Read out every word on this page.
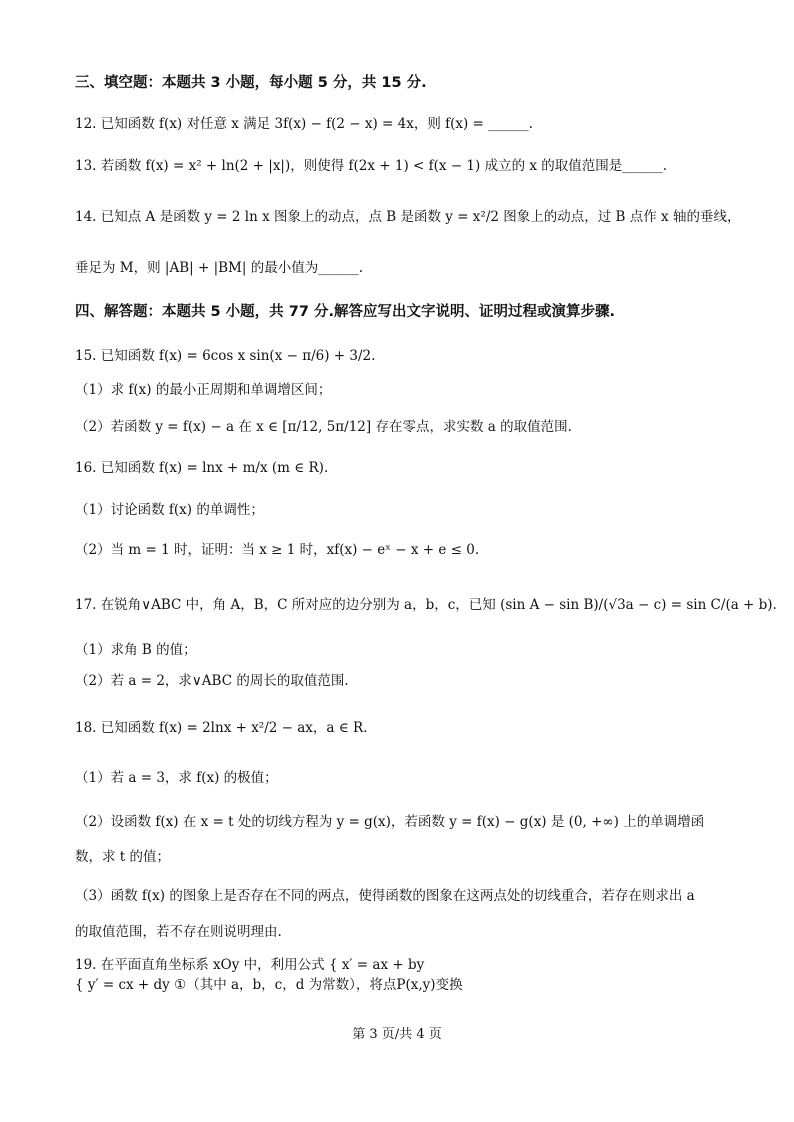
三、填空题：本题共 3 小题，每小题 5 分，共 15 分.
12. 已知函数 f(x) 对任意 x 满足 3f(x) − f(2 − x) = 4x，则 f(x) = ______.
13. 若函数 f(x) = x² + ln(2 + |x|)，则使得 f(2x + 1) < f(x − 1) 成立的 x 的取值范围是______.
14. 已知点 A 是函数 y = 2 ln x 图象上的动点，点 B 是函数 y = x²/2 图象上的动点，过 B 点作 x 轴的垂线，
垂足为 M，则 |AB| + |BM| 的最小值为______.
四、解答题：本题共 5 小题，共 77 分.解答应写出文字说明、证明过程或演算步骤.
15. 已知函数 f(x) = 6cos x sin(x − π/6) + 3/2.
（1）求 f(x) 的最小正周期和单调增区间；
（2）若函数 y = f(x) − a 在 x ∈ [π/12, 5π/12] 存在零点，求实数 a 的取值范围.
16. 已知函数 f(x) = lnx + m/x (m ∈ R).
（1）讨论函数 f(x) 的单调性；
（2）当 m = 1 时，证明：当 x ≥ 1 时，xf(x) − eˣ − x + e ≤ 0.
17. 在锐角∨ABC 中，角 A，B，C 所对应的边分别为 a，b，c，已知 (sin A − sin B)/(√3a − c) = sin C/(a + b).
（1）求角 B 的值；
（2）若 a = 2，求∨ABC 的周长的取值范围.
18. 已知函数 f(x) = 2lnx + x²/2 − ax，a ∈ R.
（1）若 a = 3，求 f(x) 的极值；
（2）设函数 f(x) 在 x = t 处的切线方程为 y = g(x)，若函数 y = f(x) − g(x) 是 (0, +∞) 上的单调增函
数，求 t 的值；
（3）函数 f(x) 的图象上是否存在不同的两点，使得函数的图象在这两点处的切线重合，若存在则求出 a
的取值范围，若不存在则说明理由.
19. 在平面直角坐标系 xOy 中，利用公式 { x′ = ax + by
{ y′ = cx + dy ①（其中 a，b，c，d 为常数），将点P(x,y)变换
第 3 页/共 4 页
